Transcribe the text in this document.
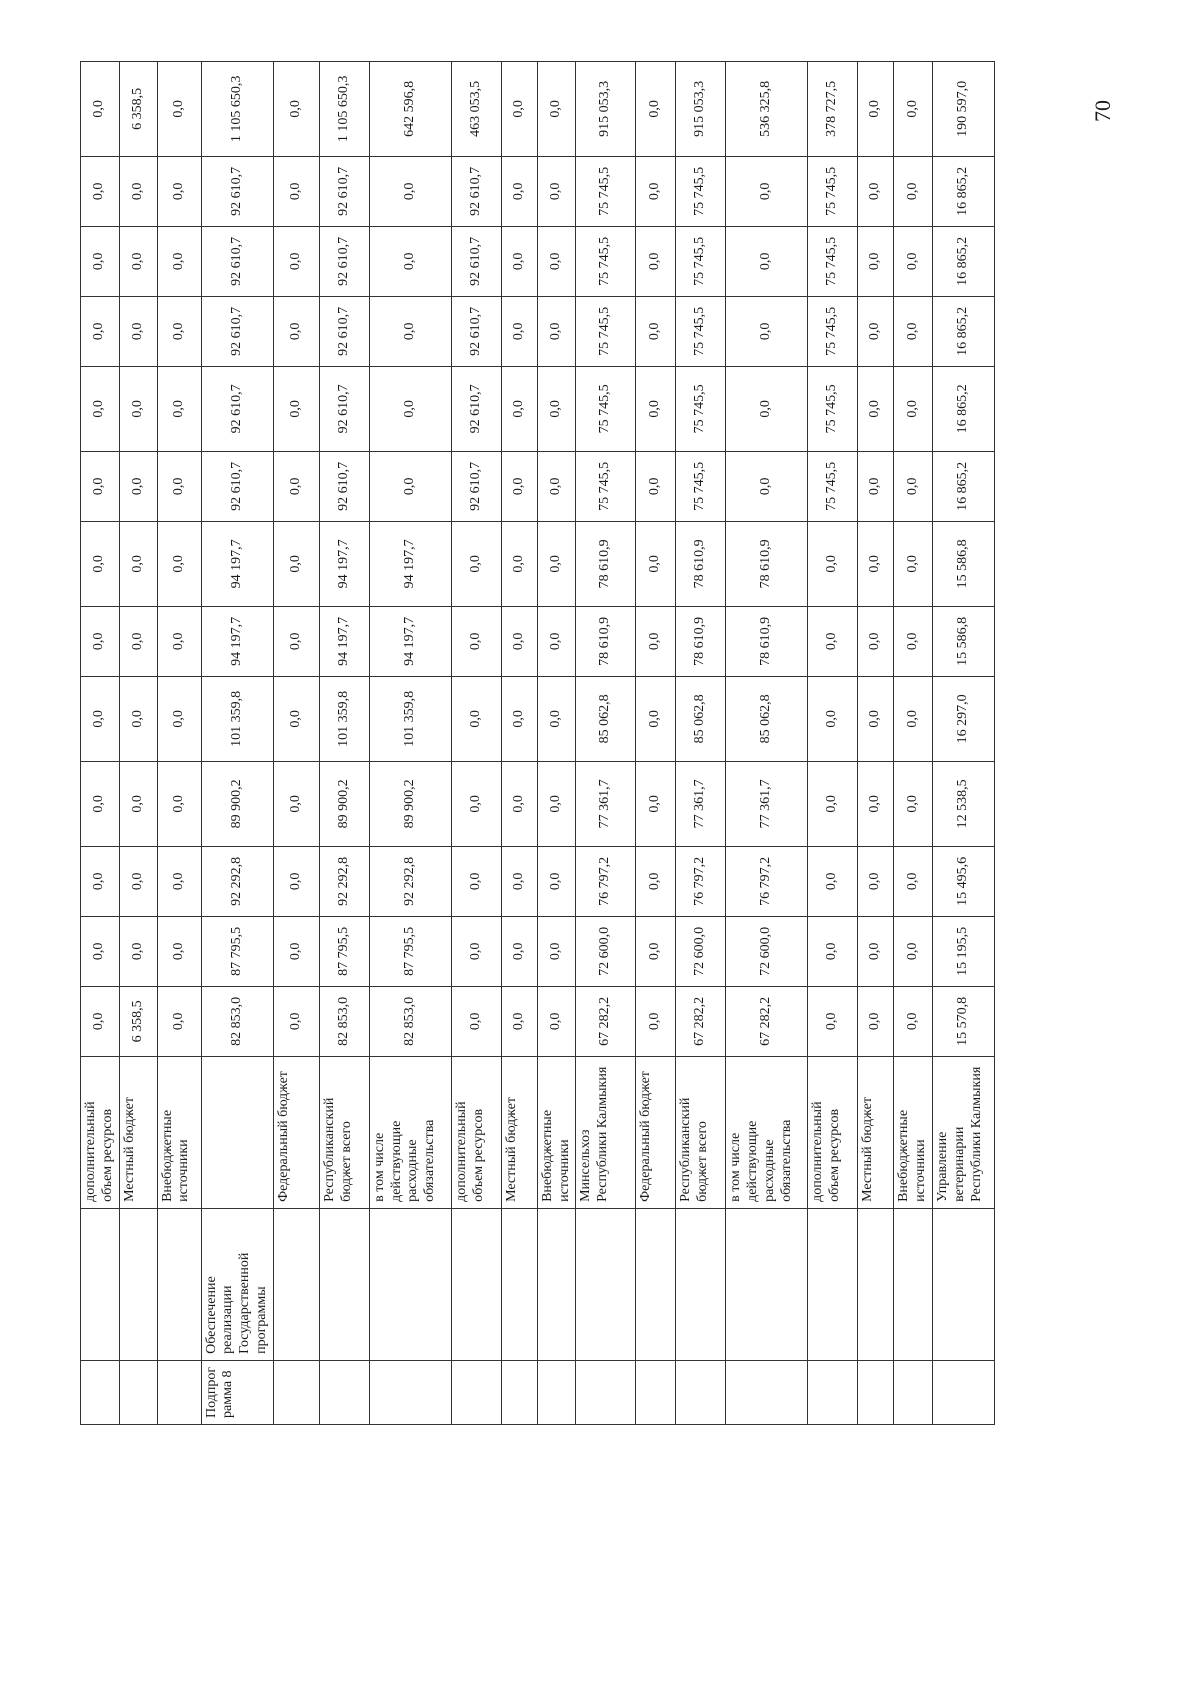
		дополнительный объем ресурсов	0,0	0,0	0,0	0,0	0,0	0,0	0,0	0,0	0,0	0,0	0,0	0,0	0,0
		Местный бюджет	6 358,5	0,0	0,0	0,0	0,0	0,0	0,0	0,0	0,0	0,0	0,0	0,0	6 358,5
		Внебюджетные источники	0,0	0,0	0,0	0,0	0,0	0,0	0,0	0,0	0,0	0,0	0,0	0,0	0,0
Подпрог рамма 8	Обеспечение реализации Государственной программы		82 853,0	87 795,5	92 292,8	89 900,2	101 359,8	94 197,7	94 197,7	92 610,7	92 610,7	92 610,7	92 610,7	92 610,7	1 105 650,3
		Федеральный бюджет	0,0	0,0	0,0	0,0	0,0	0,0	0,0	0,0	0,0	0,0	0,0	0,0	0,0
		Республиканский бюджет всего	82 853,0	87 795,5	92 292,8	89 900,2	101 359,8	94 197,7	94 197,7	92 610,7	92 610,7	92 610,7	92 610,7	92 610,7	1 105 650,3
		в том числе действующие расходные обязательства	82 853,0	87 795,5	92 292,8	89 900,2	101 359,8	94 197,7	94 197,7	0,0	0,0	0,0	0,0	0,0	642 596,8
		дополнительный объем ресурсов	0,0	0,0	0,0	0,0	0,0	0,0	0,0	92 610,7	92 610,7	92 610,7	92 610,7	92 610,7	463 053,5
		Местный бюджет	0,0	0,0	0,0	0,0	0,0	0,0	0,0	0,0	0,0	0,0	0,0	0,0	0,0
		Внебюджетные источники	0,0	0,0	0,0	0,0	0,0	0,0	0,0	0,0	0,0	0,0	0,0	0,0	0,0
		Минсельхоз Республики Калмыкия	67 282,2	72 600,0	76 797,2	77 361,7	85 062,8	78 610,9	78 610,9	75 745,5	75 745,5	75 745,5	75 745,5	75 745,5	915 053,3
		Федеральный бюджет	0,0	0,0	0,0	0,0	0,0	0,0	0,0	0,0	0,0	0,0	0,0	0,0	0,0
		Республиканский бюджет всего	67 282,2	72 600,0	76 797,2	77 361,7	85 062,8	78 610,9	78 610,9	75 745,5	75 745,5	75 745,5	75 745,5	75 745,5	915 053,3
		в том числе действующие расходные обязательства	67 282,2	72 600,0	76 797,2	77 361,7	85 062,8	78 610,9	78 610,9	0,0	0,0	0,0	0,0	0,0	536 325,8
		дополнительный объем ресурсов	0,0	0,0	0,0	0,0	0,0	0,0	0,0	75 745,5	75 745,5	75 745,5	75 745,5	75 745,5	378 727,5
		Местный бюджет	0,0	0,0	0,0	0,0	0,0	0,0	0,0	0,0	0,0	0,0	0,0	0,0	0,0
		Внебюджетные источники	0,0	0,0	0,0	0,0	0,0	0,0	0,0	0,0	0,0	0,0	0,0	0,0	0,0
		Управление ветеринарии Республики Калмыкия	15 570,8	15 195,5	15 495,6	12 538,5	16 297,0	15 586,8	15 586,8	16 865,2	16 865,2	16 865,2	16 865,2	16 865,2	190 597,0	70
